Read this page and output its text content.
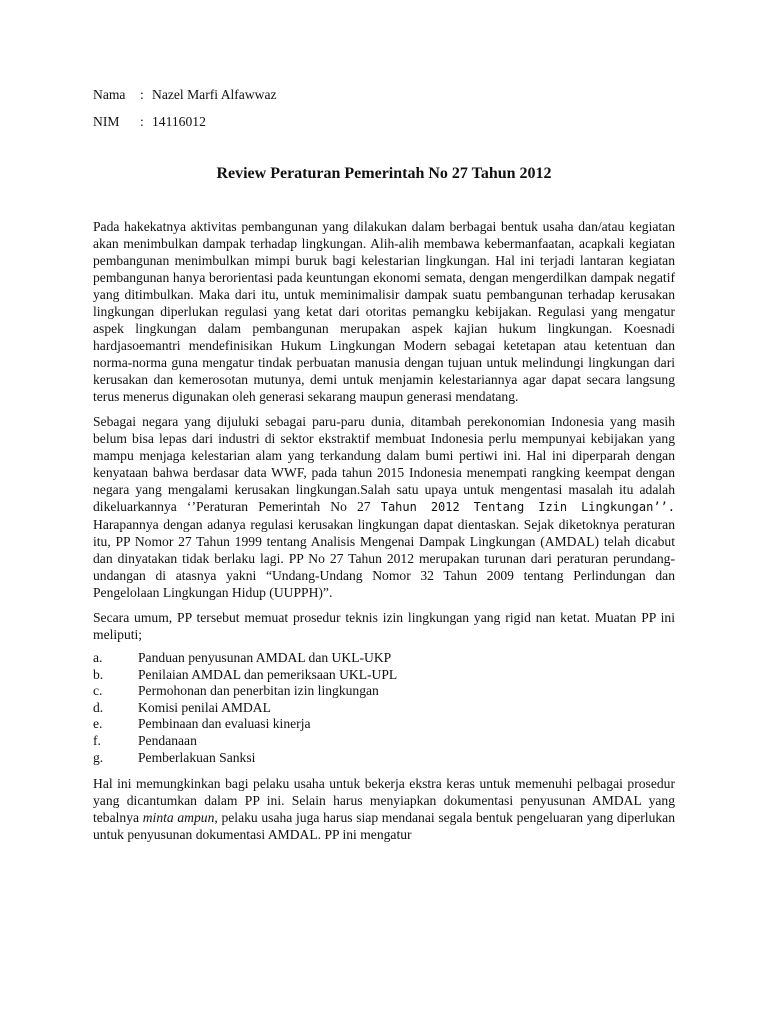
Nama	: Nazel Marfi Alfawwaz
NIM	: 14116012
Review Peraturan Pemerintah No 27 Tahun 2012

Pada hakekatnya aktivitas pembangunan yang dilakukan dalam berbagai bentuk usaha dan/atau kegiatan akan menimbulkan dampak terhadap lingkungan. Alih-alih membawa kebermanfaatan, acapkali kegiatan pembangunan menimbulkan mimpi buruk bagi kelestarian lingkungan. Hal ini terjadi lantaran kegiatan pembangunan hanya berorientasi pada keuntungan ekonomi semata, dengan mengerdilkan dampak negatif yang ditimbulkan. Maka dari itu, untuk meminimalisir dampak suatu pembangunan terhadap kerusakan lingkungan diperlukan regulasi yang ketat dari otoritas pemangku kebijakan. Regulasi yang mengatur aspek lingkungan dalam pembangunan merupakan aspek kajian hukum lingkungan. Koesnadi hardjasoemantri mendefinisikan Hukum Lingkungan Modern sebagai ketetapan atau ketentuan dan norma-norma guna mengatur tindak perbuatan manusia dengan tujuan untuk melindungi lingkungan dari kerusakan dan kemerosotan mutunya, demi untuk menjamin kelestariannya agar dapat secara langsung terus menerus digunakan oleh generasi sekarang maupun generasi mendatang.

Sebagai negara yang dijuluki sebagai paru-paru dunia, ditambah perekonomian Indonesia yang masih belum bisa lepas dari industri di sektor ekstraktif membuat Indonesia perlu mempunyai kebijakan yang mampu menjaga kelestarian alam yang terkandung dalam bumi pertiwi ini. Hal ini diperparah dengan kenyataan bahwa berdasar data WWF, pada tahun 2015 Indonesia menempati rangking keempat dengan negara yang mengalami kerusakan lingkungan.Salah satu upaya untuk mengentasi masalah itu adalah dikeluarkannya ‘’Peraturan Pemerintah No 27 Tahun 2012 Tentang Izin Lingkungan’’. Harapannya dengan adanya regulasi kerusakan lingkungan dapat dientaskan. Sejak diketoknya peraturan itu, PP Nomor 27 Tahun 1999 tentang Analisis Mengenai Dampak Lingkungan (AMDAL) telah dicabut dan dinyatakan tidak berlaku lagi. PP No 27 Tahun 2012 merupakan turunan dari peraturan perundang-undangan di atasnya yakni “Undang-Undang Nomor 32 Tahun 2009 tentang Perlindungan dan Pengelolaan Lingkungan Hidup (UUPPH)”.

Secara umum, PP tersebut memuat prosedur teknis izin lingkungan yang rigid nan ketat. Muatan PP ini meliputi;

a.	Panduan penyusunan AMDAL dan UKL-UKP
b.	Penilaian AMDAL dan pemeriksaan UKL-UPL
c.	Permohonan dan penerbitan izin lingkungan
d.	Komisi penilai AMDAL
e.	Pembinaan dan evaluasi kinerja
f.	Pendanaan
g.	Pemberlakuan Sanksi

Hal ini memungkinkan bagi pelaku usaha untuk bekerja ekstra keras untuk memenuhi pelbagai prosedur yang dicantumkan dalam PP ini. Selain harus menyiapkan dokumentasi penyusunan AMDAL yang tebalnya minta ampun, pelaku usaha juga harus siap mendanai segala bentuk pengeluaran yang diperlukan untuk penyusunan dokumentasi AMDAL. PP ini mengatur
